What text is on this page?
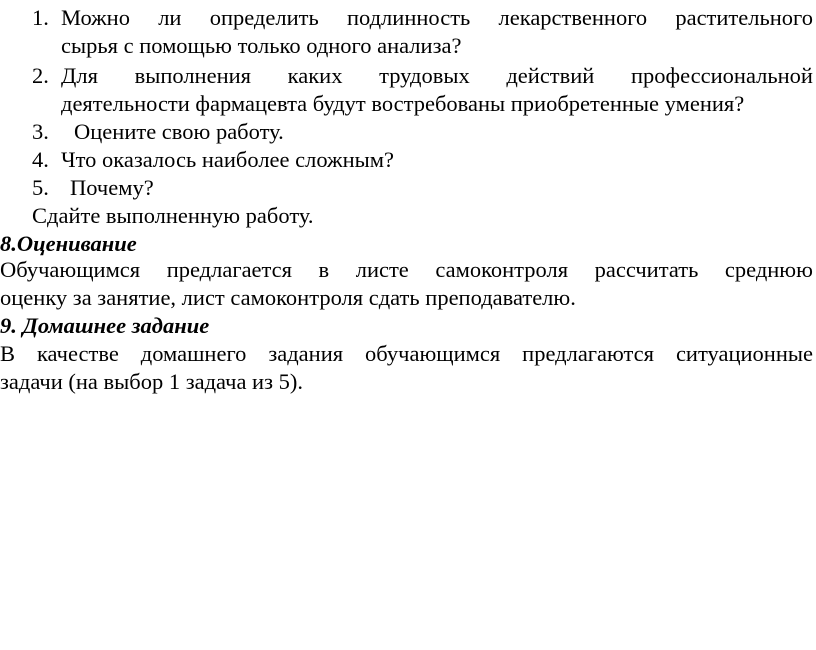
1. Можно ли определить подлинность лекарственного растительного
сырья с помощью только одного анализа?
2. Для выполнения каких трудовых действий профессиональной
деятельности фармацевта будут востребованы приобретенные умения?
3. Оцените свою работу.
4. Что оказалось наиболее сложным?
5. Почему?
Сдайте выполненную работу.
8.Оценивание
Обучающимся предлагается в листе самоконтроля рассчитать среднюю
оценку за занятие, лист самоконтроля сдать преподавателю.
9. Домашнее задание
В качестве домашнего задания обучающимся предлагаются ситуационные
задачи (на выбор 1 задача из 5).
